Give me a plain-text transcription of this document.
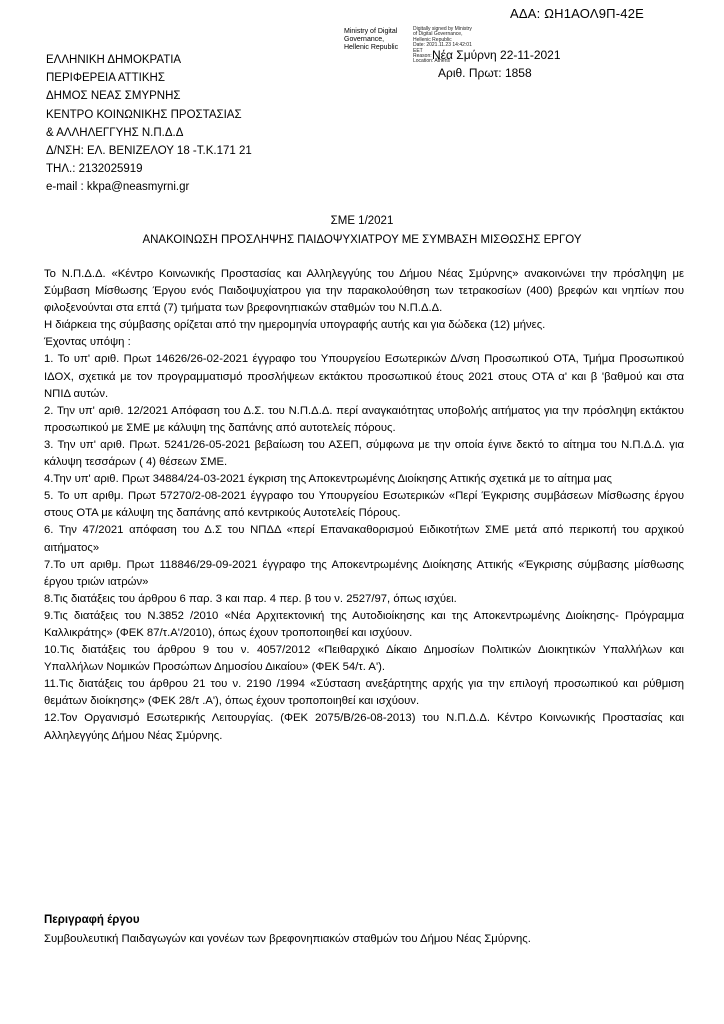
ΑΔΑ: ΩΗ1ΑΟΛ9Π-42Ε
Ministry of Digital
Governance,
Hellenic Republic
Digitally signed by Ministry
of Digital Governance,
Hellenic Republic
Date: 2021.11.23 14:42:01
EET
Reason:
Location: Athens
Νέα Σμύρνη 22-11-2021
Αριθ. Πρωτ: 1858
ΕΛΛΗΝΙΚΗ ΔΗΜΟΚΡΑΤΙΑ
ΠΕΡΙΦΕΡΕΙΑ ΑΤΤΙΚΗΣ
ΔΗΜΟΣ ΝΕΑΣ ΣΜΥΡΝΗΣ
ΚΕΝΤΡΟ ΚΟΙΝΩΝΙΚΗΣ ΠΡΟΣΤΑΣΙΑΣ
& ΑΛΛΗΛΕΓΓΥΗΣ Ν.Π.Δ.Δ
Δ/ΝΣΗ: ΕΛ. ΒΕΝΙΖΕΛΟΥ 18 -Τ.Κ.171 21
ΤΗΛ.: 2132025919
e-mail : kkpa@neasmyrni.gr
ΣΜΕ 1/2021
ΑΝΑΚΟΙΝΩΣΗ ΠΡΟΣΛΗΨΗΣ ΠΑΙΔΟΨΥΧΙΑΤΡΟΥ ΜΕ ΣΥΜΒΑΣΗ ΜΙΣΘΩΣΗΣ ΕΡΓΟΥ

Το Ν.Π.Δ.Δ. «Κέντρο Κοινωνικής Προστασίας και Αλληλεγγύης του Δήμου Νέας Σμύρνης» ανακοινώνει την πρόσληψη με Σύμβαση Μίσθωσης Έργου ενός Παιδοψυχίατρου για την παρακολούθηση των τετρακοσίων (400) βρεφών και νηπίων που φιλοξενούνται στα επτά (7) τμήματα των βρεφονηπιακών σταθμών του Ν.Π.Δ.Δ.

Η διάρκεια της σύμβασης ορίζεται από την ημερομηνία υπογραφής αυτής και για δώδεκα (12) μήνες.

Έχοντας υπόψη :

1. Το υπ' αριθ. Πρωτ 14626/26-02-2021 έγγραφο του Υπουργείου Εσωτερικών Δ/νση Προσωπικού ΟΤΑ, Τμήμα Προσωπικού ΙΔΟΧ, σχετικά με τον προγραμματισμό προσλήψεων εκτάκτου προσωπικού έτους 2021 στους ΟΤΑ α' και β 'βαθμού και στα ΝΠΙΔ αυτών.

2. Την υπ' αριθ. 12/2021 Απόφαση του Δ.Σ. του Ν.Π.Δ.Δ. περί αναγκαιότητας υποβολής αιτήματος για την πρόσληψη εκτάκτου προσωπικού με ΣΜΕ με κάλυψη της δαπάνης από αυτοτελείς πόρους.

3. Την υπ' αριθ. Πρωτ. 5241/26-05-2021 βεβαίωση του ΑΣΕΠ, σύμφωνα με την οποία έγινε δεκτό το αίτημα του Ν.Π.Δ.Δ. για κάλυψη τεσσάρων ( 4) θέσεων ΣΜΕ.

4.Την υπ' αριθ. Πρωτ 34884/24-03-2021 έγκριση της Αποκεντρωμένης Διοίκησης Αττικής σχετικά με το αίτημα μας

5. Το υπ αριθμ. Πρωτ 57270/2-08-2021 έγγραφο του Υπουργείου Εσωτερικών «Περί Έγκρισης συμβάσεων Μίσθωσης έργου στους ΟΤΑ με κάλυψη της δαπάνης από κεντρικούς Αυτοτελείς Πόρους.

6. Την 47/2021 απόφαση του Δ.Σ του ΝΠΔΔ «περί Επανακαθορισμού Ειδικοτήτων ΣΜΕ μετά από περικοπή του αρχικού αιτήματος»

7.Το υπ αριθμ. Πρωτ 118846/29-09-2021 έγγραφο της Αποκεντρωμένης Διοίκησης Αττικής «Έγκρισης σύμβασης μίσθωσης έργου τριών ιατρών»

8.Τις διατάξεις του άρθρου 6 παρ. 3 και παρ. 4 περ. β του ν. 2527/97, όπως ισχύει.

9.Τις διατάξεις του Ν.3852 /2010 «Νέα Αρχιτεκτονική της Αυτοδιοίκησης και της Αποκεντρωμένης Διοίκησης- Πρόγραμμα Καλλικράτης» (ΦΕΚ 87/τ.Α'/2010), όπως έχουν τροποποιηθεί και ισχύουν.

10.Τις διατάξεις του άρθρου 9 του ν. 4057/2012 «Πειθαρχικό Δίκαιο Δημοσίων Πολιτικών Διοικητικών Υπαλλήλων και Υπαλλήλων Νομικών Προσώπων Δημοσίου Δικαίου» (ΦΕΚ 54/τ. Α').

11.Τις διατάξεις του άρθρου 21 του ν. 2190 /1994 «Σύσταση ανεξάρτητης αρχής για την επιλογή προσωπικού και ρύθμιση θεμάτων διοίκησης» (ΦΕΚ 28/τ .Α'), όπως έχουν τροποποιηθεί και ισχύουν.

12.Τον Οργανισμό Εσωτερικής Λειτουργίας. (ΦΕΚ 2075/Β/26-08-2013) του Ν.Π.Δ.Δ. Κέντρο Κοινωνικής Προστασίας και Αλληλεγγύης Δήμου Νέας Σμύρνης.

Περιγραφή έργου
Συμβουλευτική Παιδαγωγών και γονέων των βρεφονηπιακών σταθμών του Δήμου Νέας Σμύρνης.
